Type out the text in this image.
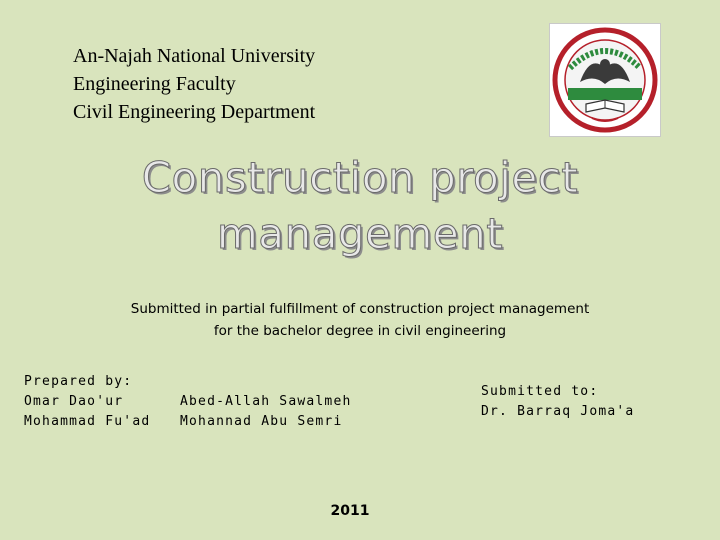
An-Najah National University
Engineering Faculty
Civil Engineering Department
Construction project
management
Submitted in partial fulfillment of construction project management
for the bachelor degree in civil engineering
Prepared by:
Omar Dao'ur
Mohammad Fu'ad
Abed-Allah Sawalmeh
Mohannad Abu Semri
Submitted to:
Dr. Barraq Joma'a
2011
